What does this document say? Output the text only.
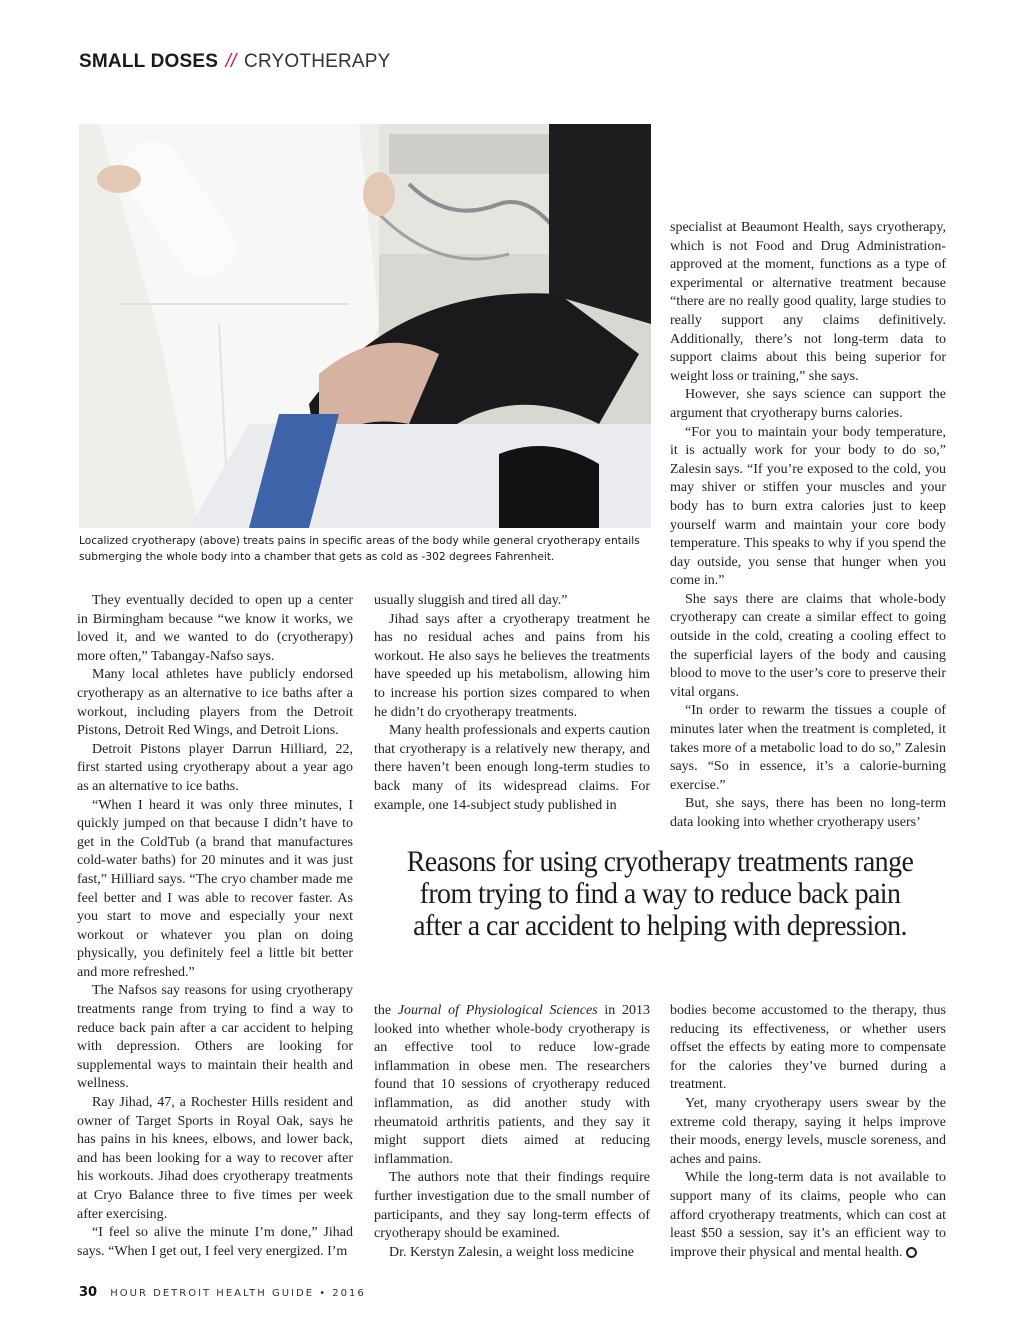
SMALL DOSES // CRYOTHERAPY
Localized cryotherapy (above) treats pains in specific areas of the body while general cryotherapy entails submerging the whole body into a chamber that gets as cold as -302 degrees Fahrenheit.

They eventually decided to open up a center in Birmingham because “we know it works, we loved it, and we wanted to do (cryotherapy) more often,” Tabangay-Nafso says.

Many local athletes have publicly endorsed cryotherapy as an alternative to ice baths after a workout, including players from the Detroit Pistons, Detroit Red Wings, and Detroit Lions.

Detroit Pistons player Darrun Hilliard, 22, first started using cryotherapy about a year ago as an alternative to ice baths.

“When I heard it was only three minutes, I quickly jumped on that because I didn’t have to get in the ColdTub (a brand that manufactures cold-water baths) for 20 minutes and it was just fast,” Hilliard says. “The cryo chamber made me feel better and I was able to recover faster. As you start to move and especially your next workout or whatever you plan on doing physically, you definitely feel a little bit better and more refreshed.”

The Nafsos say reasons for using cryotherapy treatments range from trying to find a way to reduce back pain after a car accident to helping with depression. Others are looking for supplemental ways to maintain their health and wellness.

Ray Jihad, 47, a Rochester Hills resident and owner of Target Sports in Royal Oak, says he has pains in his knees, elbows, and lower back, and has been looking for a way to recover after his workouts. Jihad does cryotherapy treatments at Cryo Balance three to five times per week after exercising.

“I feel so alive the minute I’m done,” Jihad says. “When I get out, I feel very energized. I’m

usually sluggish and tired all day.”

Jihad says after a cryotherapy treatment he has no residual aches and pains from his workout. He also says he believes the treatments have speeded up his metabolism, allowing him to increase his portion sizes compared to when he didn’t do cryotherapy treatments.

Many health professionals and experts caution that cryotherapy is a relatively new therapy, and there haven’t been enough long-term studies to back many of its widespread claims. For example, one 14-subject study published in

specialist at Beaumont Health, says cryotherapy, which is not Food and Drug Administration-approved at the moment, functions as a type of experimental or alternative treatment because “there are no really good quality, large studies to really support any claims definitively. Additionally, there’s not long-term data to support claims about this being superior for weight loss or training,” she says.

However, she says science can support the argument that cryotherapy burns calories.

“For you to maintain your body temperature, it is actually work for your body to do so,” Zalesin says. “If you’re exposed to the cold, you may shiver or stiffen your muscles and your body has to burn extra calories just to keep yourself warm and maintain your core body temperature. This speaks to why if you spend the day outside, you sense that hunger when you come in.”

She says there are claims that whole-body cryotherapy can create a similar effect to going outside in the cold, creating a cooling effect to the superficial layers of the body and causing blood to move to the user’s core to preserve their vital organs.

“In order to rewarm the tissues a couple of minutes later when the treatment is completed, it takes more of a metabolic load to do so,” Zalesin says. “So in essence, it’s a calorie-burning exercise.”

But, she says, there has been no long-term data looking into whether cryotherapy users’

Reasons for using cryotherapy treatments range from trying to find a way to reduce back pain after a car accident to helping with depression.

the Journal of Physiological Sciences in 2013 looked into whether whole-body cryotherapy is an effective tool to reduce low-grade inflammation in obese men. The researchers found that 10 sessions of cryotherapy reduced inflammation, as did another study with rheumatoid arthritis patients, and they say it might support diets aimed at reducing inflammation.

The authors note that their findings require further investigation due to the small number of participants, and they say long-term effects of cryotherapy should be examined.

Dr. Kerstyn Zalesin, a weight loss medicine

bodies become accustomed to the therapy, thus reducing its effectiveness, or whether users offset the effects by eating more to compensate for the calories they’ve burned during a treatment.

Yet, many cryotherapy users swear by the extreme cold therapy, saying it helps improve their moods, energy levels, muscle soreness, and aches and pains.

While the long-term data is not available to support many of its claims, people who can afford cryotherapy treatments, which can cost at least $50 a session, say it’s an efficient way to improve their physical and mental health.

30 HOUR DETROIT HEALTH GUIDE • 2016
